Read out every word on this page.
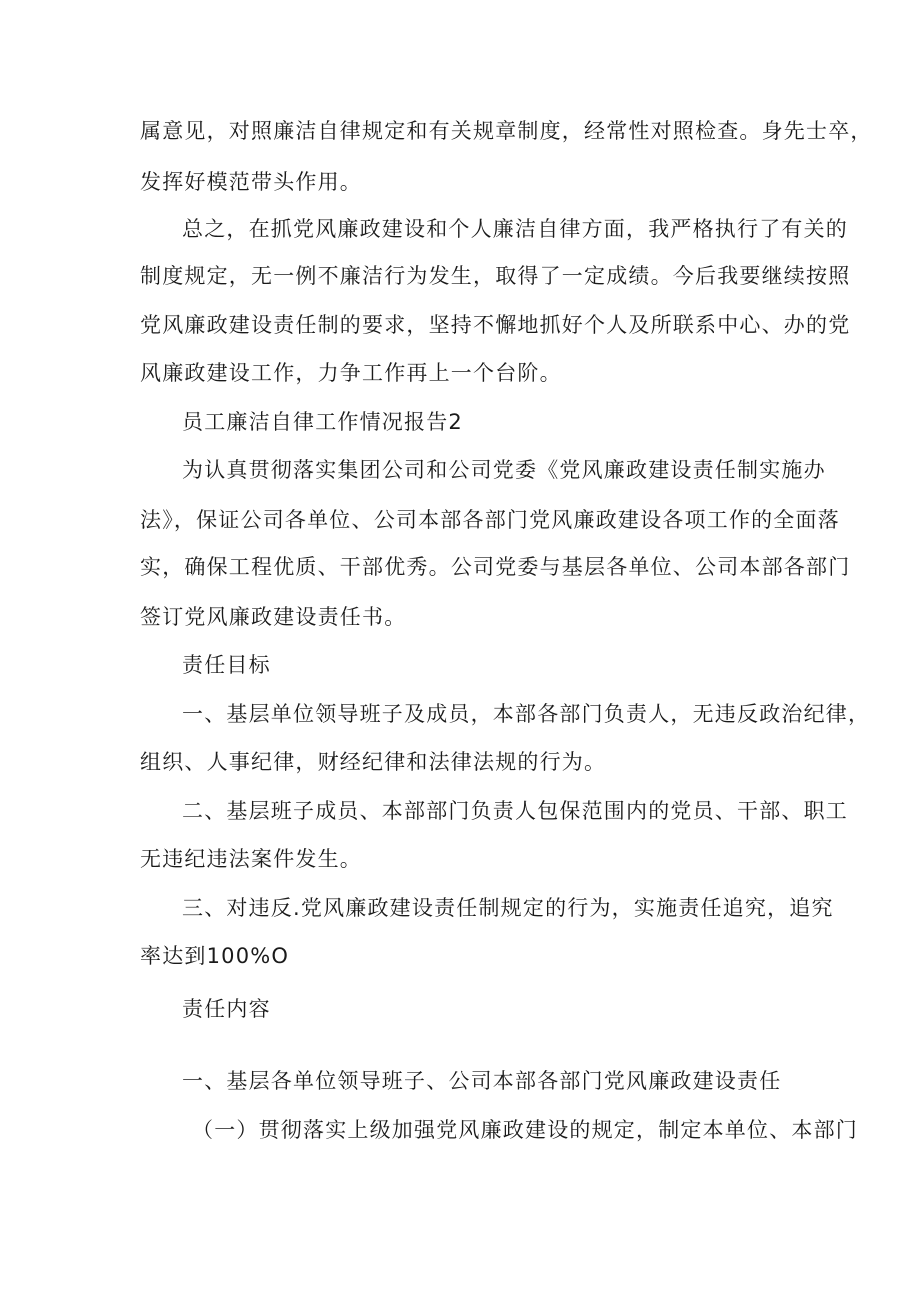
属意见，对照廉洁自律规定和有关规章制度，经常性对照检查。身先士卒，
发挥好模范带头作用。
总之，在抓党风廉政建设和个人廉洁自律方面，我严格执行了有关的
制度规定，无一例不廉洁行为发生，取得了一定成绩。今后我要继续按照
党风廉政建设责任制的要求，坚持不懈地抓好个人及所联系中心、办的党
风廉政建设工作，力争工作再上一个台阶。
员工廉洁自律工作情况报告2
为认真贯彻落实集团公司和公司党委《党风廉政建设责任制实施办
法》，保证公司各单位、公司本部各部门党风廉政建设各项工作的全面落
实，确保工程优质、干部优秀。公司党委与基层各单位、公司本部各部门
签订党风廉政建设责任书。
责任目标
一、基层单位领导班子及成员，本部各部门负责人，无违反政治纪律，
组织、人事纪律，财经纪律和法律法规的行为。
二、基层班子成员、本部部门负责人包保范围内的党员、干部、职工
无违纪违法案件发生。
三、对违反.党风廉政建设责任制规定的行为，实施责任追究，追究
率达到100%O
责任内容
一、基层各单位领导班子、公司本部各部门党风廉政建设责任
（一）贯彻落实上级加强党风廉政建设的规定，制定本单位、本部门
